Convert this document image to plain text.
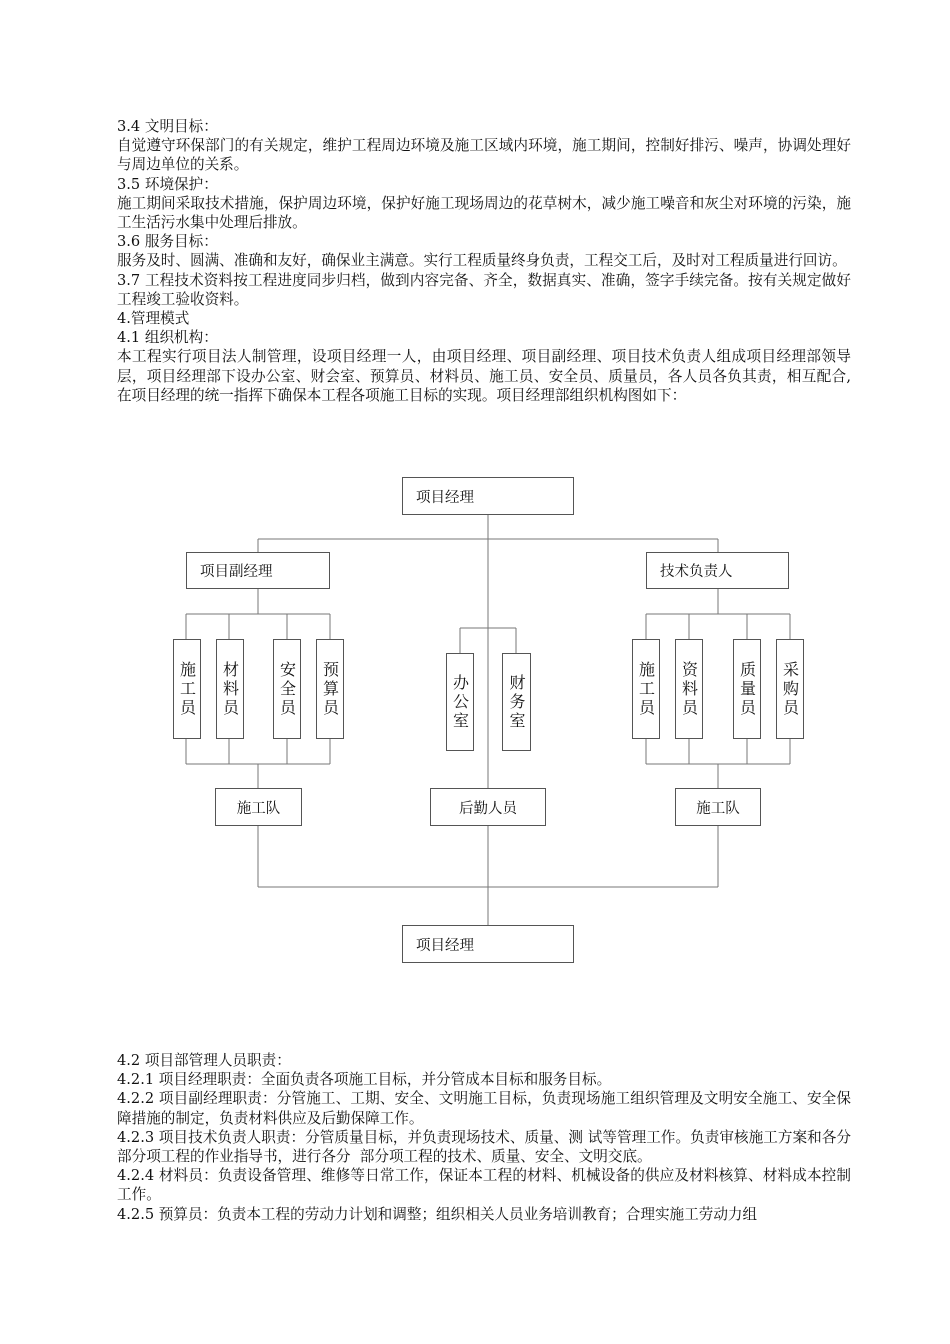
3.4 文明目标：

自觉遵守环保部门的有关规定，维护工程周边环境及施工区域内环境，施工期间，控制好排污、噪声，协调处理好与周边单位的关系。

3.5 环境保护：

施工期间采取技术措施，保护周边环境，保护好施工现场周边的花草树木，减少施工噪音和灰尘对环境的污染，施工生活污水集中处理后排放。

3.6 服务目标：

服务及时、圆满、准确和友好，确保业主满意。实行工程质量终身负责，工程交工后，及时对工程质量进行回访。

3.7 工程技术资料按工程进度同步归档，做到内容完备、齐全，数据真实、准确，签字手续完备。按有关规定做好工程竣工验收资料。

4.管理模式

4.1 组织机构：

本工程实行项目法人制管理，设项目经理一人，由项目经理、项目副经理、项目技术负责人组成项目经理部领导层，项目经理部下设办公室、财会室、预算员、材料员、施工员、安全员、质量员，各人员各负其责，相互配合,在项目经理的统一指挥下确保本工程各项施工目标的实现。项目经理部组织机构图如下：

项目经理
项目副经理	技术负责人
施工员 材料员 安全员 预算员	办公室	财务室	施工员 资料员 质量员 采购员
施工队	后勤人员	施工队
项目经理

4.2 项目部管理人员职责：

4.2.1 项目经理职责：全面负责各项施工目标，并分管成本目标和服务目标。

4.2.2 项目副经理职责：分管施工、工期、安全、文明施工目标，负责现场施工组织管理及文明安全施工、安全保障措施的制定，负责材料供应及后勤保障工作。

4.2.3 项目技术负责人职责：分管质量目标，并负责现场技术、质量、测 试等管理工作。负责审核施工方案和各分部分项工程的作业指导书，进行各分  部分项工程的技术、质量、安全、文明交底。

4.2.4 材料员：负责设备管理、维修等日常工作，保证本工程的材料、机械设备的供应及材料核算、材料成本控制工作。

4.2.5 预算员：负责本工程的劳动力计划和调整；组织相关人员业务培训教育；合理实施工劳动力组
